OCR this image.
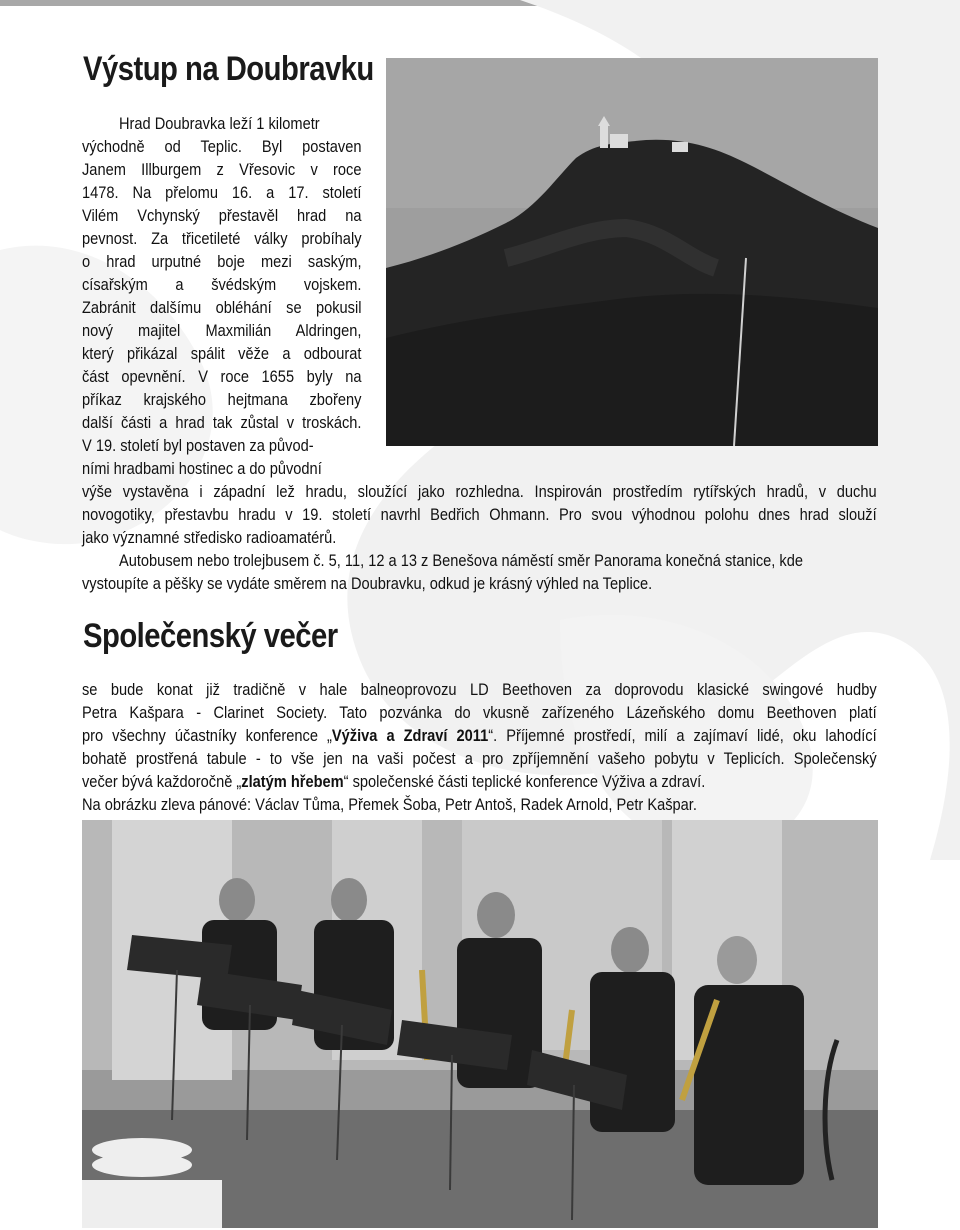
Výstup na Doubravku
Hrad Doubravka leží 1 kilometr
východně od Teplic. Byl postaven
Janem Illburgem z Vřesovic v roce
1478. Na přelomu 16. a 17. století
Vilém Vchynský přestavěl hrad na
pevnost. Za třicetileté války probíhaly
o hrad urputné boje mezi saským,
císařským a švédským vojskem.
Zabránit dalšímu obléhání se pokusil
nový majitel Maxmilián Aldringen,
který přikázal spálit věže a odbourat
část opevnění. V roce 1655 byly na
příkaz krajského hejtmana zbořeny
další části a hrad tak zůstal v troskách.
V 19. století byl postaven za původ-
ními hradbami hostinec a do původní
výše vystavěna i západní lež hradu, sloužící jako rozhledna. Inspirován prostředím rytířských hradů, v duchu
novogotiky, přestavbu hradu v 19. století navrhl Bedřich Ohmann. Pro svou výhodnou polohu dnes hrad slouží
jako významné středisko radioamatérů.
Autobusem nebo trolejbusem č. 5, 11, 12 a 13 z Benešova náměstí směr Panorama konečná stanice, kde
vystoupíte a pěšky se vydáte směrem na Doubravku, odkud je krásný výhled na Teplice.
Společenský večer
se bude konat již tradičně v hale balneoprovozu LD Beethoven za doprovodu klasické swingové hudby
Petra Kašpara - Clarinet Society. Tato pozvánka do vkusně zařízeného Lázeňského domu Beethoven platí
pro všechny účastníky konference „Výživa a Zdraví 2011“. Příjemné prostředí, milí a zajímaví lidé, oku lahodící
bohatě prostřená tabule - to vše jen na vaši počest a pro zpříjemnění vašeho pobytu v Teplicích. Společenský
večer bývá každoročně „zlatým hřebem“ společenské části teplické konference Výživa a zdraví.
Na obrázku zleva pánové: Václav Tůma, Přemek Šoba, Petr Antoš, Radek Arnold, Petr Kašpar.
